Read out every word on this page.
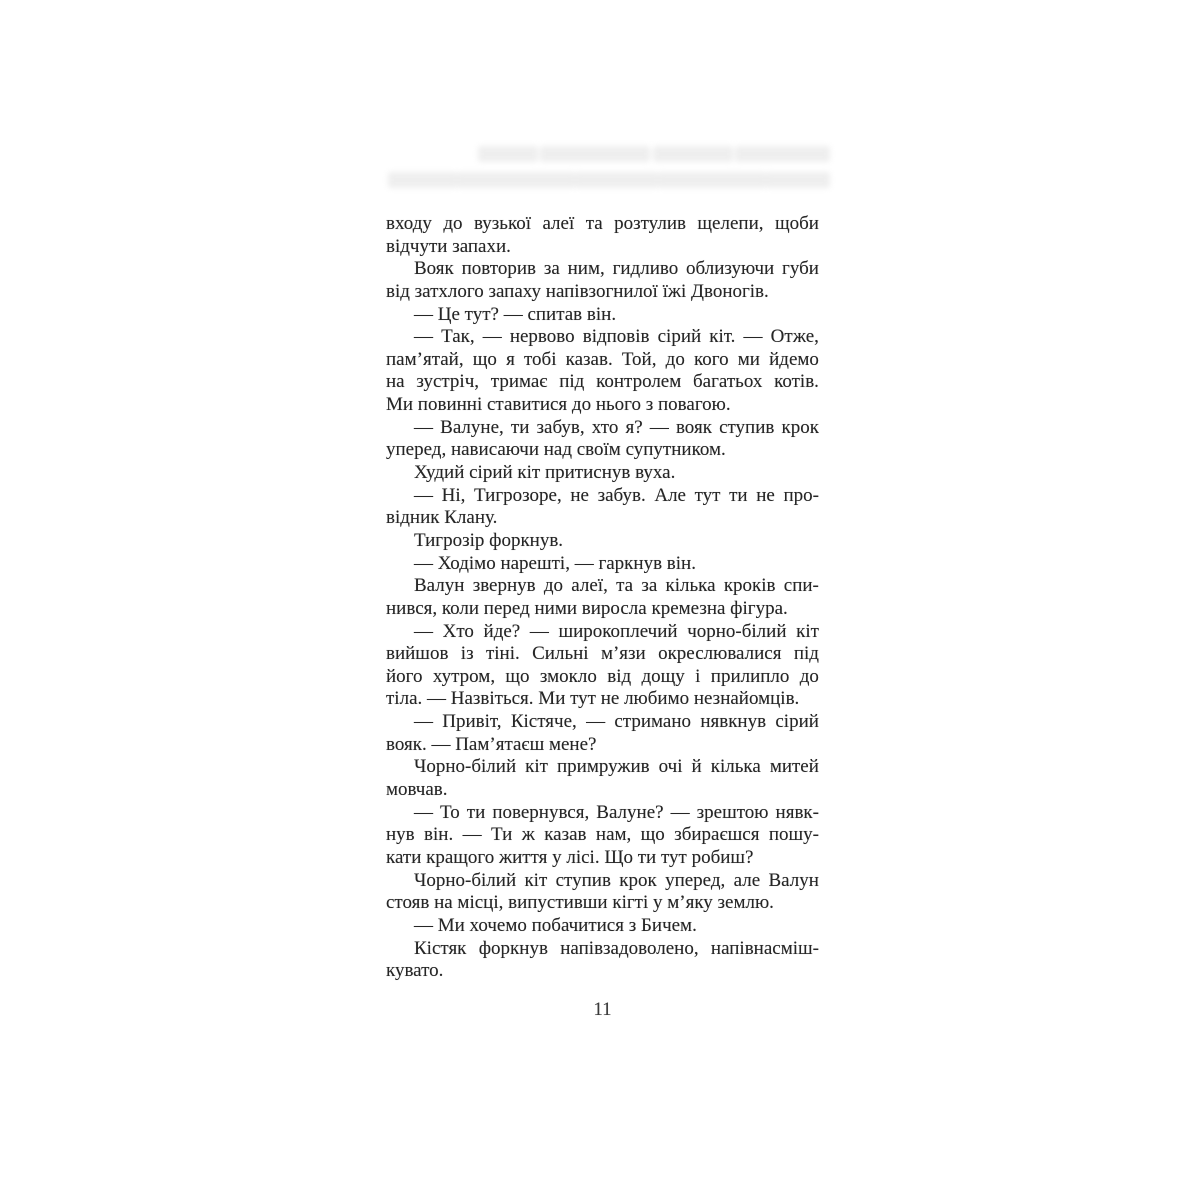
входу до вузької алеї та розтулив щелепи, щоби
відчути запахи.
Вояк повторив за ним, гидливо облизуючи губи
від затхлого запаху напівзогнилої їжі Двоногів.
— Це тут? — спитав він.
— Так, — нервово відповів сірий кіт. — Отже,
пам’ятай, що я тобі казав. Той, до кого ми йдемо
на зустріч, тримає під контролем багатьох котів.
Ми повинні ставитися до нього з повагою.
— Валуне, ти забув, хто я? — вояк ступив крок
уперед, нависаючи над своїм супутником.
Худий сірий кіт притиснув вуха.
— Ні, Тигрозоре, не забув. Але тут ти не про-
відник Клану.
Тигрозір форкнув.
— Ходімо нарешті, — гаркнув він.
Валун звернув до алеї, та за кілька кроків спи-
нився, коли перед ними виросла кремезна фігура.
— Хто йде? — широкоплечий чорно-білий кіт
вийшов із тіні. Сильні м’язи окреслювалися під
його хутром, що змокло від дощу і прилипло до
тіла. — Назвіться. Ми тут не любимо незнайомців.
— Привіт, Кістяче, — стримано нявкнув сірий
вояк. — Пам’ятаєш мене?
Чорно-білий кіт примружив очі й кілька митей
мовчав.
— То ти повернувся, Валуне? — зрештою нявк-
нув він. — Ти ж казав нам, що збираєшся пошу-
кати кращого життя у лісі. Що ти тут робиш?
Чорно-білий кіт ступив крок уперед, але Валун
стояв на місці, випустивши кігті у м’яку землю.
— Ми хочемо побачитися з Бичем.
Кістяк форкнув напівзадоволено, напівнасміш-
кувато.
11
